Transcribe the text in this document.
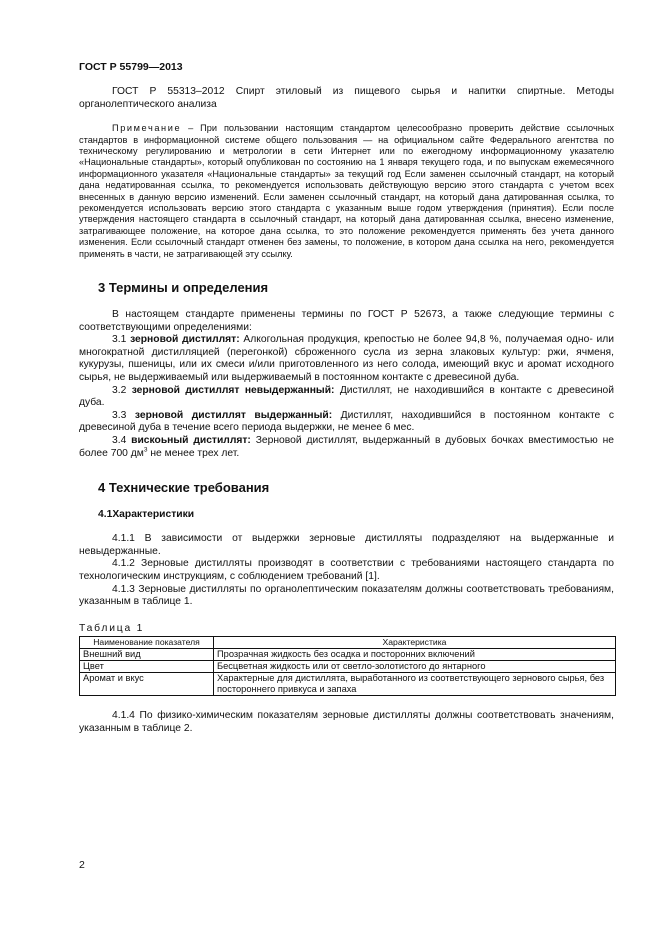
ГОСТ Р 55799—2013

ГОСТ Р 55313–2012 Спирт этиловый из пищевого сырья и напитки спиртные. Методы органолептического анализа

Примечание – При пользовании настоящим стандартом целесообразно проверить действие ссылочных стандартов в информационной системе общего пользования — на официальном сайте Федерального агентства по техническому регулированию и метрологии в сети Интернет или по ежегодному информационному указателю «Национальные стандарты», который опубликован по состоянию на 1 января текущего года, и по выпускам ежемесячного информационного указателя «Национальные стандарты» за текущий год Если заменен ссылочный стандарт, на который дана недатированная ссылка, то рекомендуется использовать действующую версию этого стандарта с учетом всех внесенных в данную версию изменений. Если заменен ссылочный стандарт, на который дана датированная ссылка, то рекомендуется использовать версию этого стандарта с указанным выше годом утверждения (принятия). Если после утверждения настоящего стандарта в ссылочный стандарт, на который дана датированная ссылка, внесено изменение, затрагивающее положение, на которое дана ссылка, то это положение рекомендуется применять без учета данного изменения. Если ссылочный стандарт отменен без замены, то положение, в котором дана ссылка на него, рекомендуется применять в части, не затрагивающей эту ссылку.

3 Термины и определения

В настоящем стандарте применены термины по ГОСТ Р 52673, а также следующие термины с соответствующими определениями:

3.1 зерновой дистиллят: Алкогольная продукция, крепостью не более 94,8 %, получаемая одно- или многократной дистилляцией (перегонкой) сброженного сусла из зерна злаковых культур: ржи, ячменя, кукурузы, пшеницы, или их смеси и/или приготовленного из него солода, имеющий вкус и аромат исходного сырья, не выдерживаемый или выдерживаемый в постоянном контакте с древесиной дуба.

3.2 зерновой дистиллят невыдержанный: Дистиллят, не находившийся в контакте с древесиной дуба.

3.3 зерновой дистиллят выдержанный: Дистиллят, находившийся в постоянном контакте с древесиной дуба в течение всего периода выдержки, не менее 6 мес.

3.4 вискоьный дистиллят: Зерновой дистиллят, выдержанный в дубовых бочках вместимостью не более 700 $дм^3$ не менее трех лет.

4 Технические требования
4.1Характеристики

4.1.1 В зависимости от выдержки зерновые дистилляты подразделяют на выдержанные и невыдержанные.

4.1.2 Зерновые дистилляты производят в соответствии с требованиями настоящего стандарта по технологическим инструкциям, с соблюдением требований [1].

4.1.3 Зерновые дистилляты по органолептическим показателям должны соответствовать требованиям, указанным в таблице 1.

Таблица 1
Наименование показателя	Характеристика
Внешний вид	Прозрачная жидкость без осадка и посторонних включений
Цвет	Бесцветная жидкость или от светло-золотистого до янтарного
Аромат и вкус	Характерные для дистиллята, выработанного из соответствующего зернового сырья, без постороннего привкуса и запаха

4.1.4 По физико-химическим показателям зерновые дистилляты должны соответствовать значениям, указанным в таблице 2.

2
